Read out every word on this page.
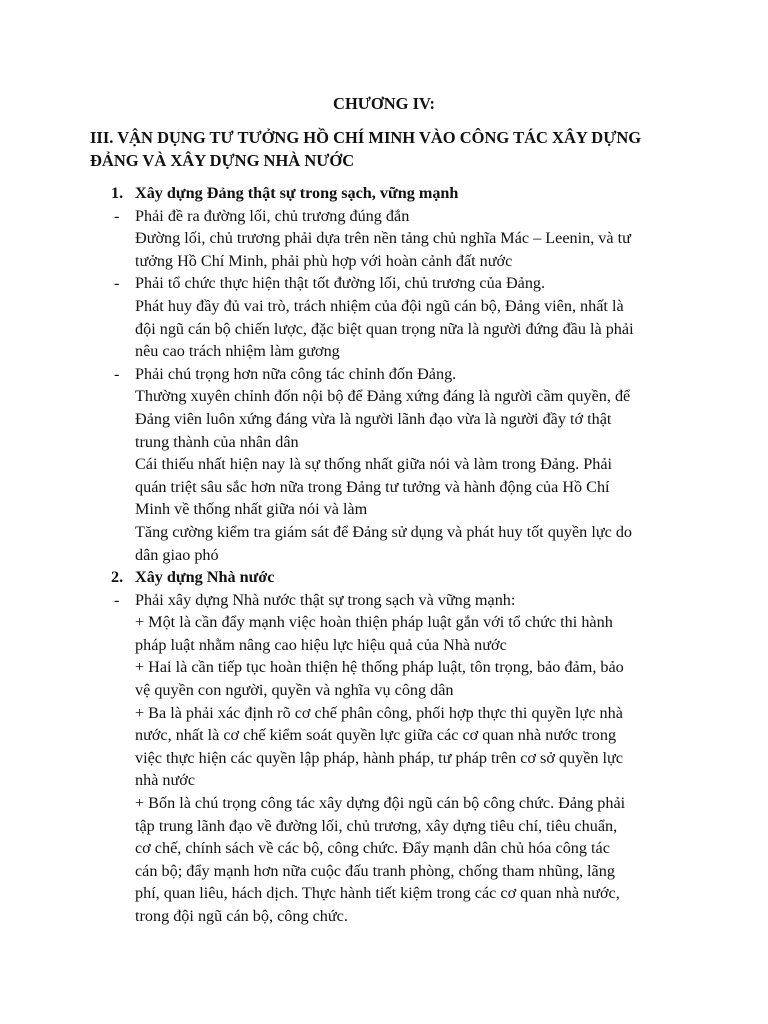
CHƯƠNG IV:

III. VẬN DỤNG TƯ TƯỞNG HỒ CHÍ MINH VÀO CÔNG TÁC XÂY DỰNG
ĐẢNG VÀ XÂY DỰNG NHÀ NƯỚC

1. Xây dựng Đảng thật sự trong sạch, vững mạnh
- Phải đề ra đường lối, chủ trương đúng đắn
Đường lối, chủ trương phải dựa trên nền tảng chủ nghĩa Mác – Leenin, và tư
tưởng Hồ Chí Minh, phải phù hợp với hoàn cảnh đất nước
- Phải tổ chức thực hiện thật tốt đường lối, chủ trương của Đảng.
Phát huy đầy đủ vai trò, trách nhiệm của đội ngũ cán bộ, Đảng viên, nhất là
đội ngũ cán bộ chiến lược, đặc biệt quan trọng nữa là người đứng đầu là phải
nêu cao trách nhiệm làm gương
- Phải chú trọng hơn nữa công tác chỉnh đốn Đảng.
Thường xuyên chỉnh đốn nội bộ để Đảng xứng đáng là người cầm quyền, để
Đảng viên luôn xứng đáng vừa là người lãnh đạo vừa là người đầy tớ thật
trung thành của nhân dân
Cái thiếu nhất hiện nay là sự thống nhất giữa nói và làm trong Đảng. Phải
quán triệt sâu sắc hơn nữa trong Đảng tư tưởng và hành động của Hồ Chí
Minh về thống nhất giữa nói và làm
Tăng cường kiểm tra giám sát để Đảng sử dụng và phát huy tốt quyền lực do
dân giao phó
2. Xây dựng Nhà nước
- Phải xây dựng Nhà nước thật sự trong sạch và vững mạnh:
+ Một là cần đẩy mạnh việc hoàn thiện pháp luật gắn với tổ chức thi hành
pháp luật nhằm nâng cao hiệu lực hiệu quả của Nhà nước
+ Hai là cần tiếp tục hoàn thiện hệ thống pháp luật, tôn trọng, bảo đảm, bảo
vệ quyền con người, quyền và nghĩa vụ công dân
+ Ba là phải xác định rõ cơ chế phân công, phối hợp thực thi quyền lực nhà
nước, nhất là cơ chế kiểm soát quyền lực giữa các cơ quan nhà nước trong
việc thực hiện các quyền lập pháp, hành pháp, tư pháp trên cơ sở quyền lực
nhà nước
+ Bốn là chú trọng công tác xây dựng đội ngũ cán bộ công chức. Đảng phải
tập trung lãnh đạo về đường lối, chủ trương, xây dựng tiêu chí, tiêu chuẩn,
cơ chế, chính sách về các bộ, công chức. Đẩy mạnh dân chủ hóa công tác
cán bộ; đẩy mạnh hơn nữa cuộc đấu tranh phòng, chống tham nhũng, lãng
phí, quan liêu, hách dịch. Thực hành tiết kiệm trong các cơ quan nhà nước,
trong đội ngũ cán bộ, công chức.
